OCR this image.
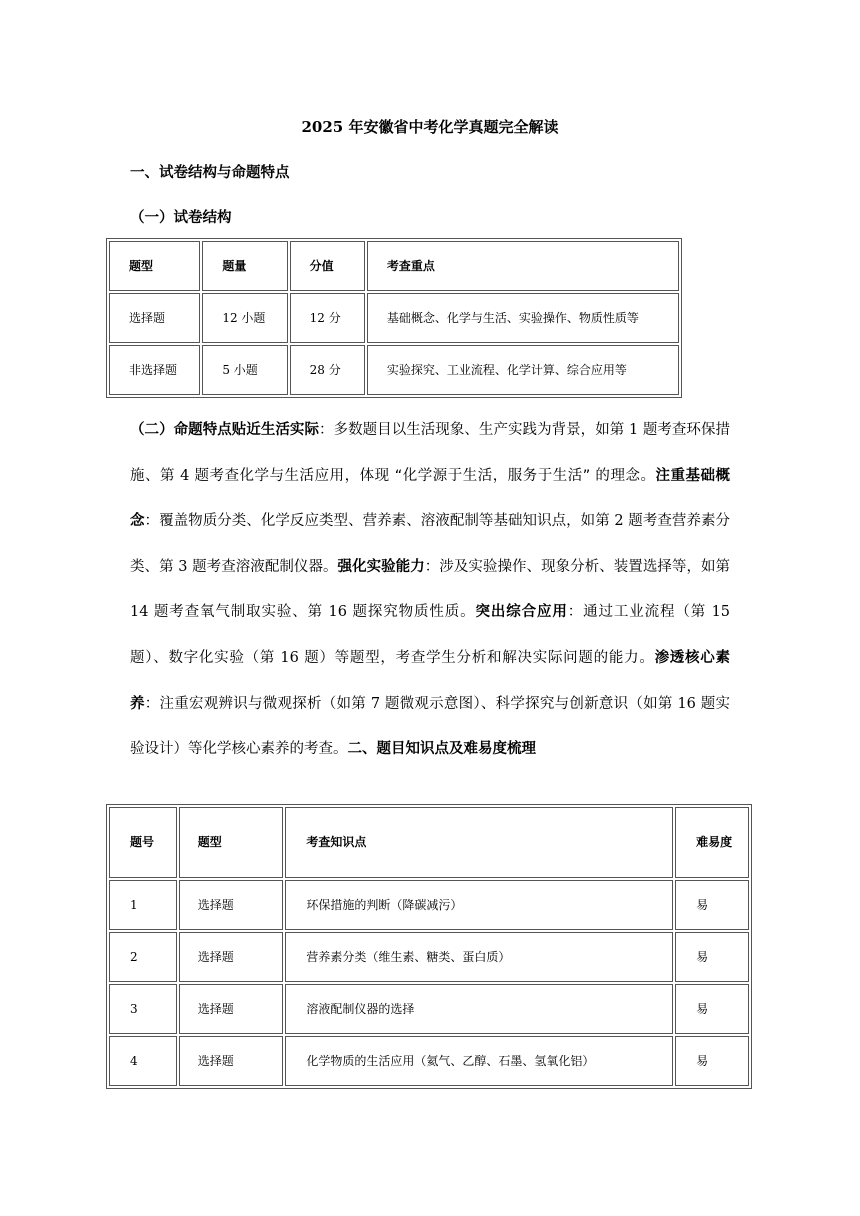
2025 年安徽省中考化学真题完全解读
一、试卷结构与命题特点
（一）试卷结构
题型	题量	分值	考查重点
选择题	12 小题	12 分	基础概念、化学与生活、实验操作、物质性质等
非选择题	5 小题	28 分	实验探究、工业流程、化学计算、综合应用等

（二）命题特点贴近生活实际：多数题目以生活现象、生产实践为背景，如第 1 题考查环保措施、第 4 题考查化学与生活应用，体现 “化学源于生活，服务于生活” 的理念。注重基础概念：覆盖物质分类、化学反应类型、营养素、溶液配制等基础知识点，如第 2 题考查营养素分类、第 3 题考查溶液配制仪器。强化实验能力：涉及实验操作、现象分析、装置选择等，如第 14 题考查氧气制取实验、第 16 题探究物质性质。突出综合应用：通过工业流程（第 15 题）、数字化实验（第 16 题）等题型，考查学生分析和解决实际问题的能力。渗透核心素养：注重宏观辨识与微观探析（如第 7 题微观示意图）、科学探究与创新意识（如第 16 题实验设计）等化学核心素养的考查。二、题目知识点及难易度梳理

题号	题型	考查知识点	难易度
1	选择题	环保措施的判断（降碳减污）	易
2	选择题	营养素分类（维生素、糖类、蛋白质）	易
3	选择题	溶液配制仪器的选择	易
4	选择题	化学物质的生活应用（氦气、乙醇、石墨、氢氧化铝）	易
